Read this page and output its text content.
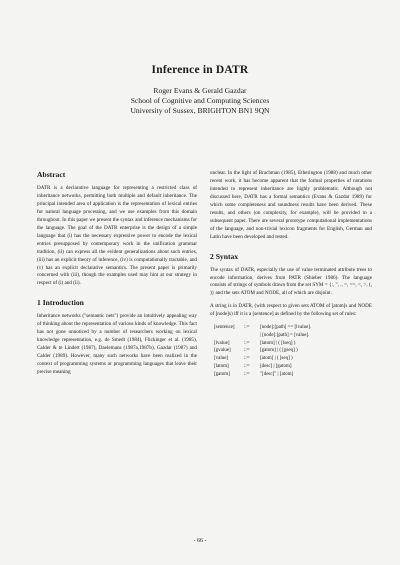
Inference in DATR
Roger Evans & Gerald Gazdar
School of Cognitive and Computing Sciences
University of Sussex, BRIGHTON BN1 9QN
Abstract

DATR is a declarative language for representing a restricted class of inheritance networks, permitting both multiple and default inheritance. The principal intended area of application is the representation of lexical entries for natural language processing, and we use examples from this domain throughout. In this paper we present the syntax and inference mechanisms for the language. The goal of the DATR enterprise is the design of a simple language that (i) has the necessary expressive power to encode the lexical entries presupposed by contemporary work in the unification grammar tradition, (ii) can express all the evident generalizations about such entries, (iii) has an explicit theory of inference, (iv) is computationally tractable, and (v) has an explicit declarative semantics. The present paper is primarily concerned with (iii), though the examples used may hint at our strategy in respect of (i) and (ii).

1 Introduction

Inheritance networks ("semantic nets") provide an intuitively appealing way of thinking about the representation of various kinds of knowledge. This fact has not gone unnoticed by a number of researchers working on lexical knowledge representation, e.g. de Smedt (1984), Flickinger et al. (1985), Calder & te Lindert (1987), Daelemans (1987a,1987b), Gazdar (1987) and Calder (1989). However, many such networks have been realized in the context of programming systems or programming languages that leave their precise meaning

unclear. In the light of Brachman (1985), Etherington (1988) and much other recent work, it has become apparent that the formal properties of notations intended to represent inheritance are highly problematic. Although not discussed here, DATR has a formal semantics (Evans & Gazdar 1989) for which some completeness and soundness results have been derived. These results, and others (on complexity, for example), will be provided in a subsequent paper. There are several prototype computational implementations of the language, and non-trivial lexicon fragments for English, German and Latin have been developed and tested.

2 Syntax

The syntax of DATR, especially the use of value terminated attribute trees to encode information, derives from PATR (Shieber 1986). The language consists of strings of symbols drawn from the set SYM = {:, ", ., =, ==, <, >, (, )} and the sets ATOM and NODE, all of which are disjoint.

A string is in DATR, (with respect to given sets ATOM of [atom]s and NODE of [node]s) iff it is a [sentence] as defined by the following set of rules:

[sentence]	::=	[node]:[path] == [lvalue].
		| [node]:[path] = [value].
[lvalue]	::=	[latom] | ( [lseq] )
[gvalue]	::=	[gatom] | ( [gseq] )
[value]	::=	[atom] | ( [seq] )
[latom]	::=	[desc] | [gatom]
[gatom]	::=	"[desc]" | [atom]
- 66 -
